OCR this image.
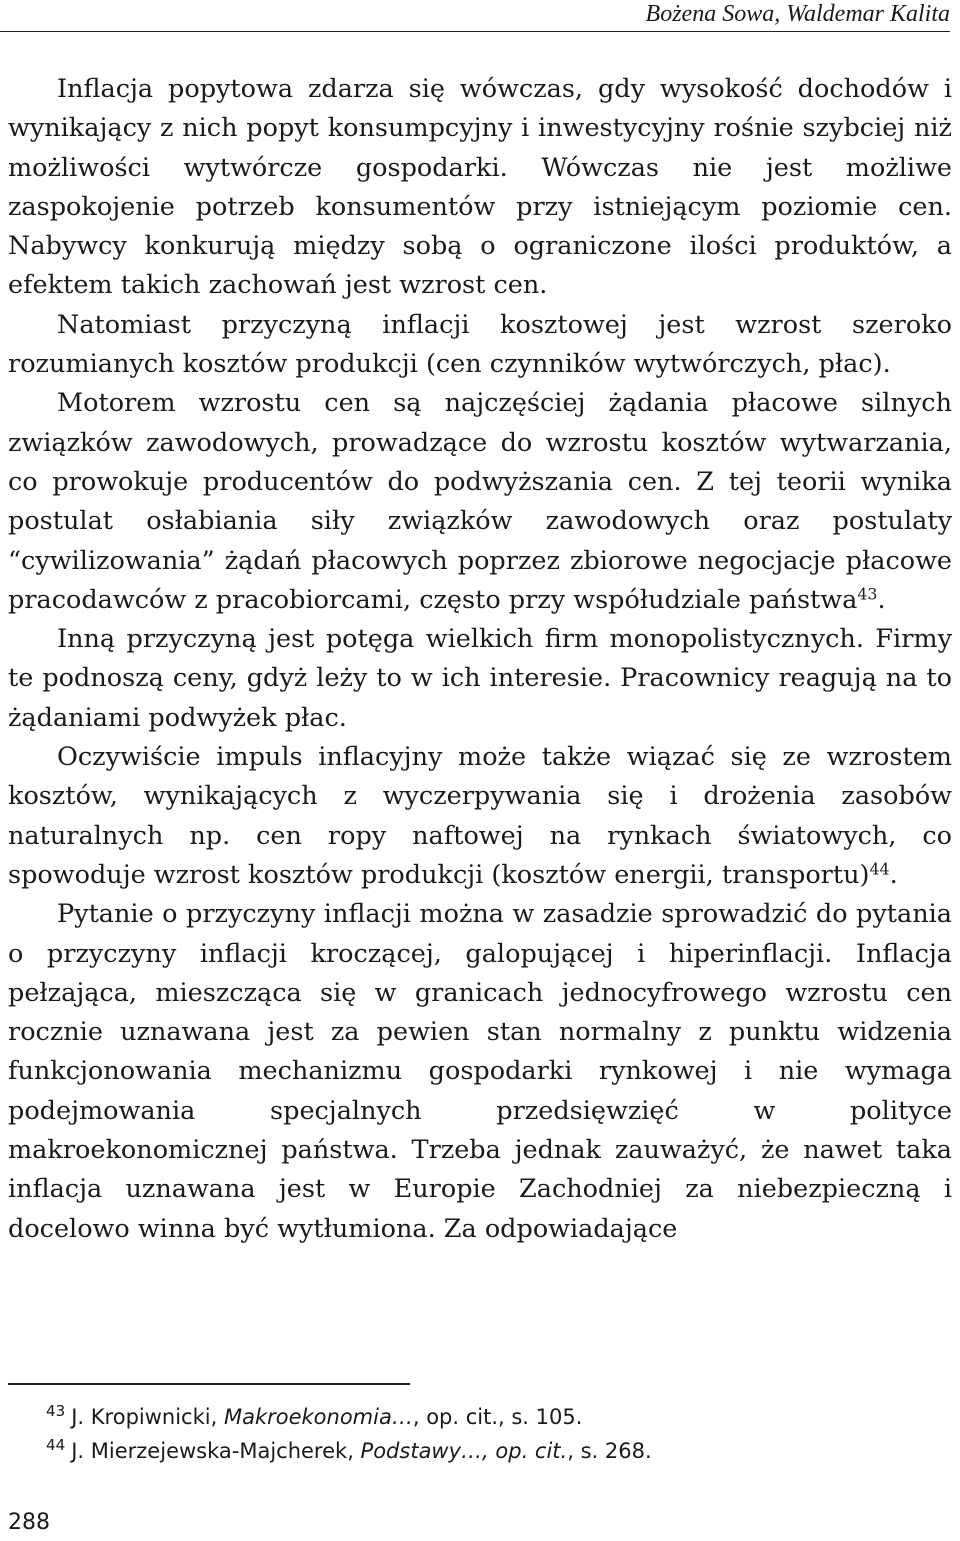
Bożena Sowa, Waldemar Kalita

Inflacja popytowa zdarza się wówczas, gdy wysokość dochodów i wynikający z nich popyt konsumpcyjny i inwestycyjny rośnie szybciej niż możliwości wytwórcze gospodarki. Wówczas nie jest możliwe zaspokojenie potrzeb konsumentów przy istniejącym poziomie cen. Nabywcy konkurują między sobą o ograniczone ilości produktów, a efektem takich zachowań jest wzrost cen.

Natomiast przyczyną inflacji kosztowej jest wzrost szeroko rozumianych kosztów produkcji (cen czynników wytwórczych, płac).

Motorem wzrostu cen są najczęściej żądania płacowe silnych związków zawodowych, prowadzące do wzrostu kosztów wytwarzania, co prowokuje producentów do podwyższania cen. Z tej teorii wynika postulat osłabiania siły związków zawodowych oraz postulaty “cywilizowania” żądań płacowych poprzez zbiorowe negocjacje płacowe pracodawców z pracobiorcami, często przy współudziale państwa$^{43}$.

Inną przyczyną jest potęga wielkich firm monopolistycznych. Firmy te podnoszą ceny, gdyż leży to w ich interesie. Pracownicy reagują na to żądaniami podwyżek płac.

Oczywiście impuls inflacyjny może także wiązać się ze wzrostem kosztów, wynikających z wyczerpywania się i drożenia zasobów naturalnych np. cen ropy naftowej na rynkach światowych, co spowoduje wzrost kosztów produkcji (kosztów energii, transportu)$^{44}$.

Pytanie o przyczyny inflacji można w zasadzie sprowadzić do pytania o przyczyny inflacji kroczącej, galopującej i hiperinflacji. Inflacja pełzająca, mieszcząca się w granicach jednocyfrowego wzrostu cen rocznie uznawana jest za pewien stan normalny z punktu widzenia funkcjonowania mechanizmu gospodarki rynkowej i nie wymaga podejmowania specjalnych przedsięwzięć w polityce makroekonomicznej państwa. Trzeba jednak zauważyć, że nawet taka inflacja uznawana jest w Europie Zachodniej za niebezpieczną i docelowo winna być wytłumiona. Za odpowiadające

$^{43}$ J. Kropiwnicki, Makroekonomia…, op. cit., s. 105.
$^{44}$ J. Mierzejewska-Majcherek, Podstawy…, op. cit., s. 268.
288
